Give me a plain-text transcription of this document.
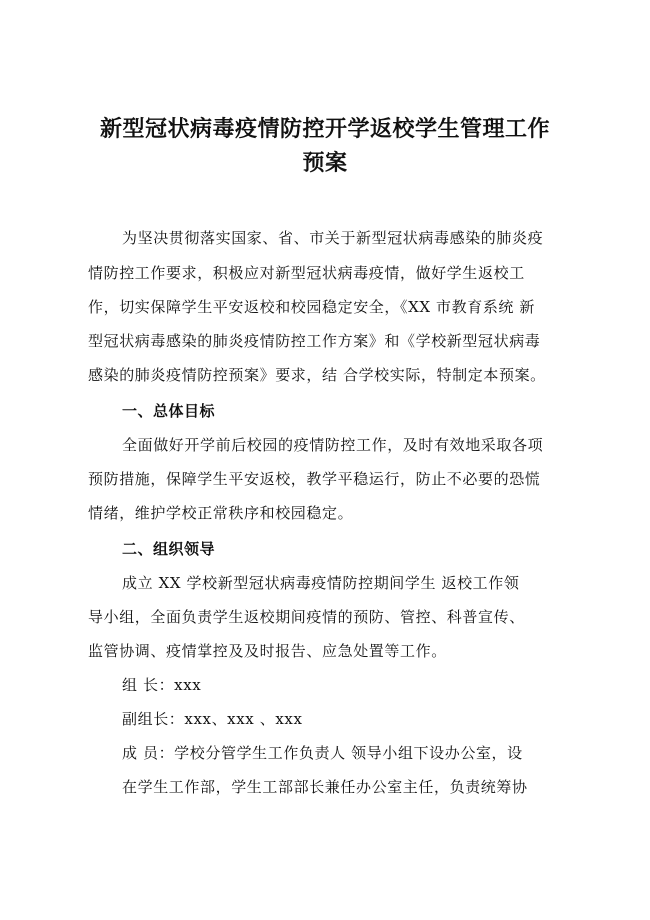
新型冠状病毒疫情防控开学返校学生管理工作
预案
为坚决贯彻落实国家、省、市关于新型冠状病毒感染的肺炎疫
情防控工作要求，积极应对新型冠状病毒疫情，做好学生返校工
作，切实保障学生平安返校和校园稳定安全，《XX 市教育系统 新
型冠状病毒感染的肺炎疫情防控工作方案》和《学校新型冠状病毒
感染的肺炎疫情防控预案》要求，结 合学校实际，特制定本预案。
一、总体目标
全面做好开学前后校园的疫情防控工作，及时有效地采取各项
预防措施，保障学生平安返校，教学平稳运行，防止不必要的恐慌
情绪，维护学校正常秩序和校园稳定。
二、组织领导
成立 XX 学校新型冠状病毒疫情防控期间学生 返校工作领
导小组，全面负责学生返校期间疫情的预防、管控、科普宣传、
监管协调、疫情掌控及及时报告、应急处置等工作。
组 长：xxx
副组长：xxx、xxx 、xxx
成 员：学校分管学生工作负责人 领导小组下设办公室，设
在学生工作部，学生工部部长兼任办公室主任，负责统筹协
